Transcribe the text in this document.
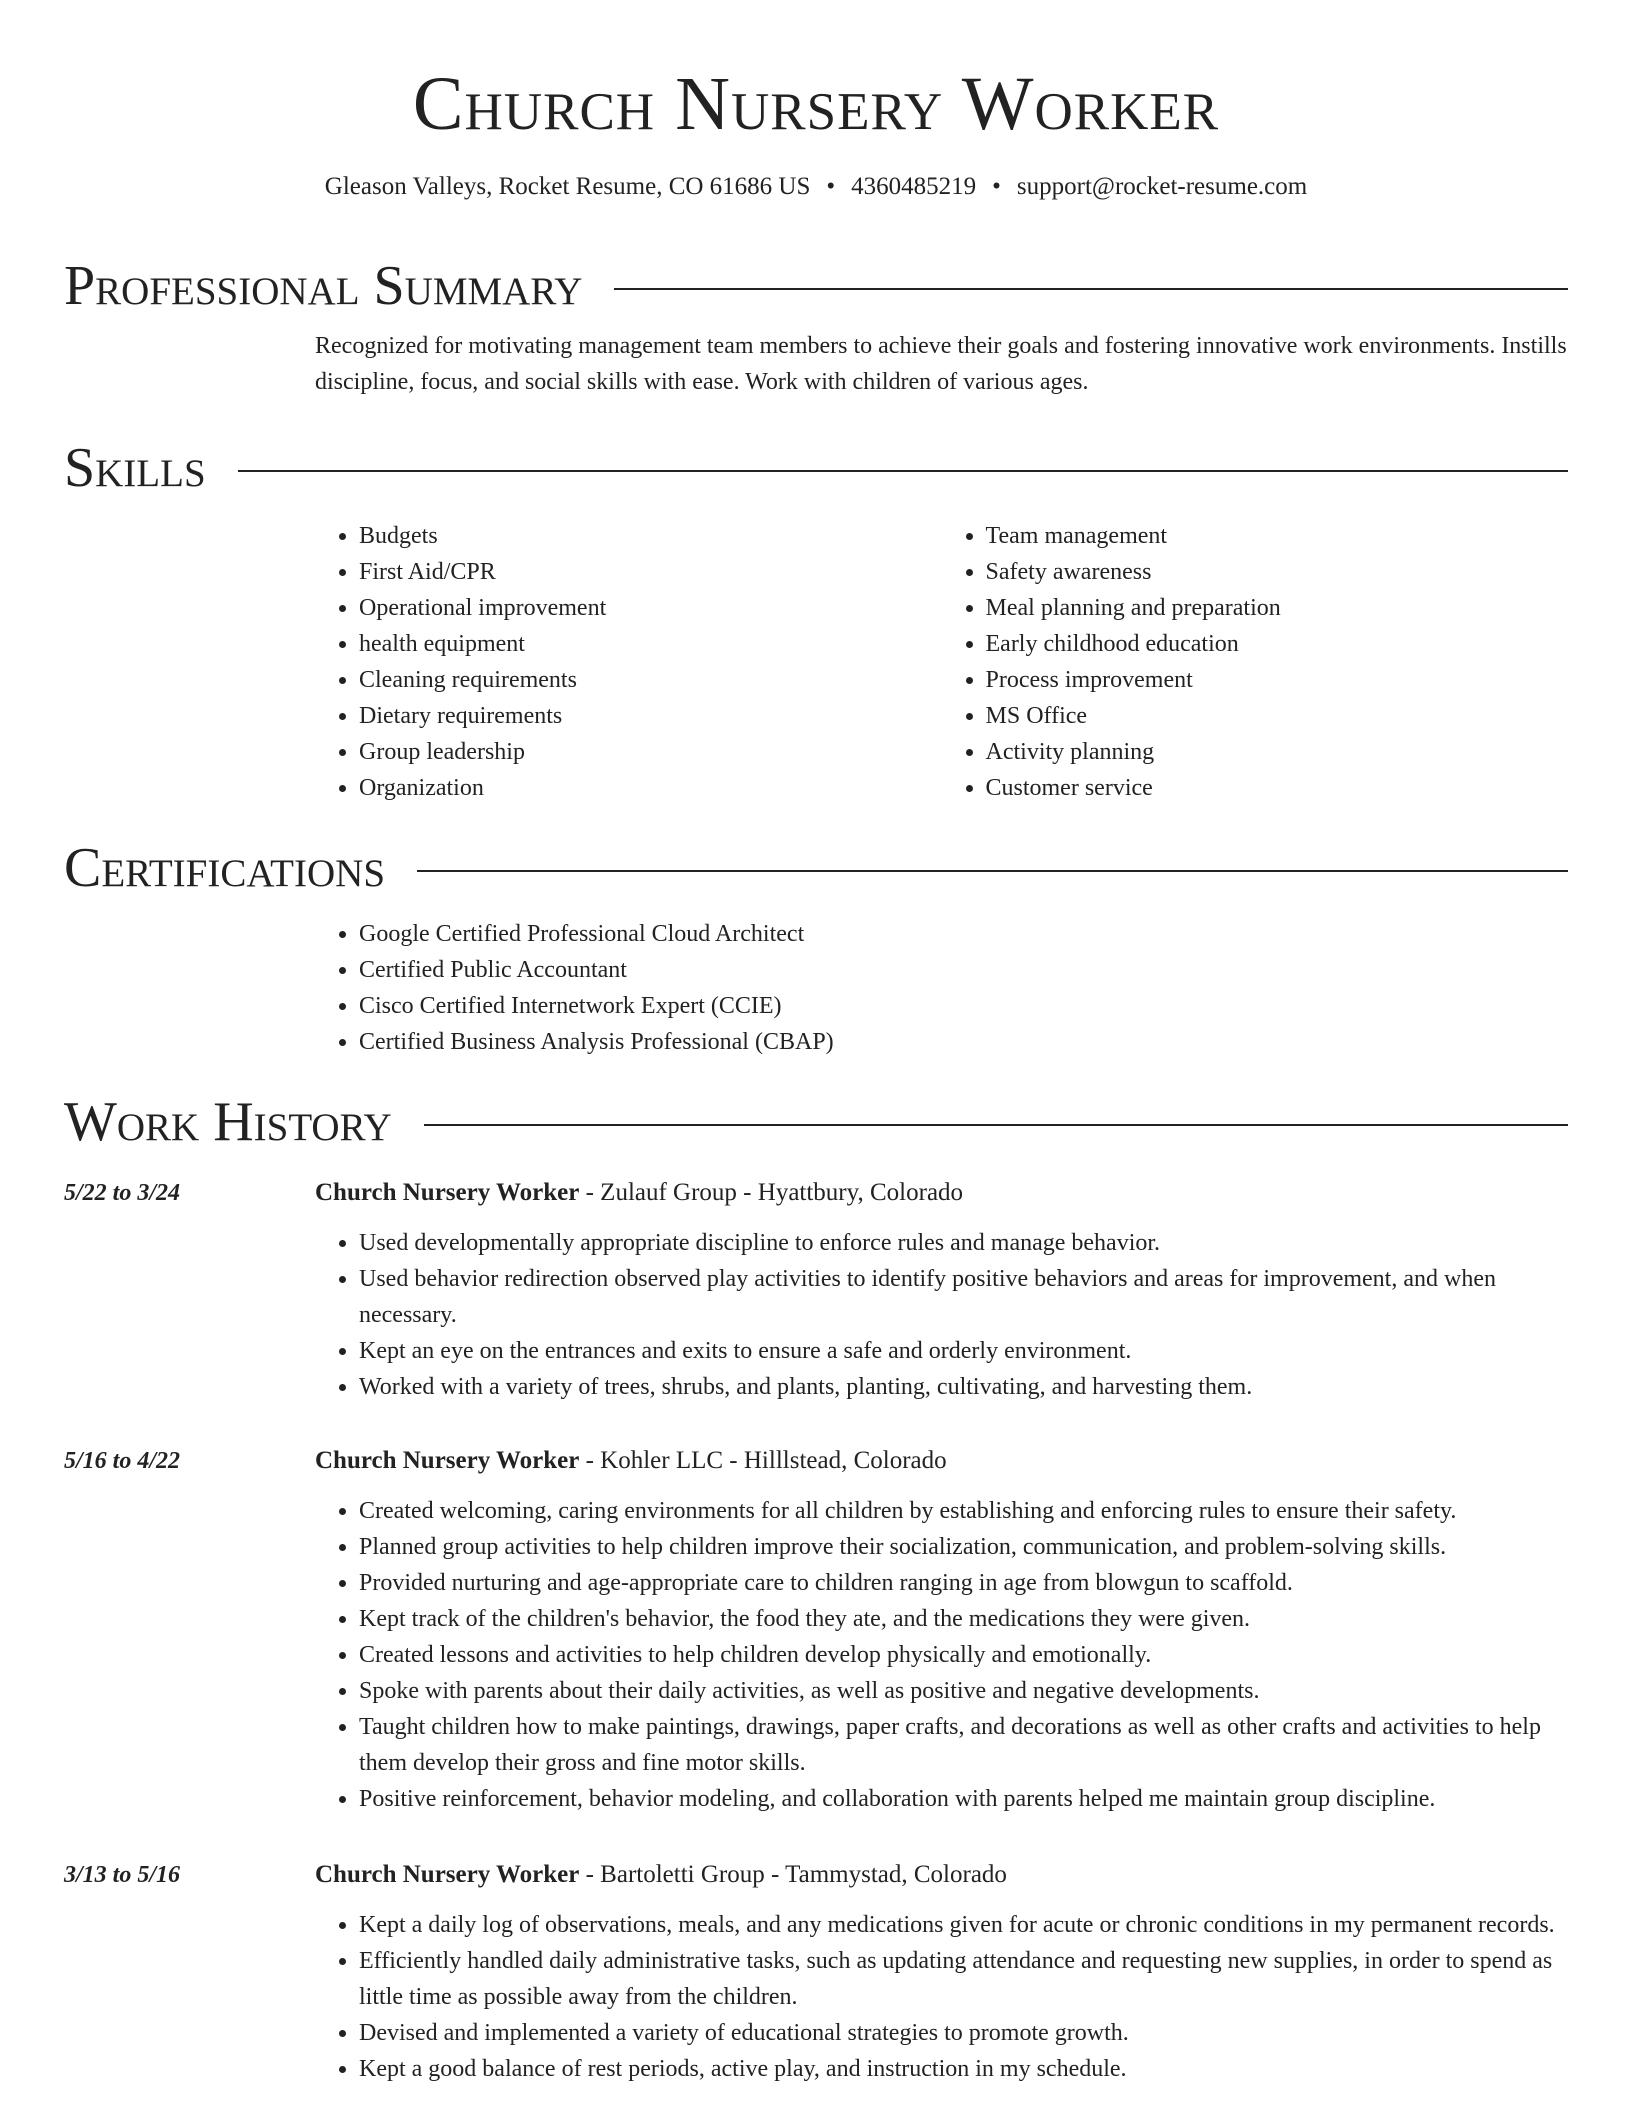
Church Nursery Worker
Gleason Valleys, Rocket Resume, CO 61686 US • 4360485219 • support@rocket-resume.com
Professional Summary

Recognized for motivating management team members to achieve their goals and fostering innovative work environments. Instills discipline, focus, and social skills with ease. Work with children of various ages.

Skills
• Budgets
• First Aid/CPR
• Operational improvement
• health equipment
• Cleaning requirements
• Dietary requirements
• Group leadership
• Organization
• Team management
• Safety awareness
• Meal planning and preparation
• Early childhood education
• Process improvement
• MS Office
• Activity planning
• Customer service
Certifications
• Google Certified Professional Cloud Architect
• Certified Public Accountant
• Cisco Certified Internetwork Expert (CCIE)
• Certified Business Analysis Professional (CBAP)
Work History
5/22 to 3/24	Church Nursery Worker - Zulauf Group - Hyattbury, Colorado

• Used developmentally appropriate discipline to enforce rules and manage behavior.
• Used behavior redirection observed play activities to identify positive behaviors and areas for improvement, and when necessary.
• Kept an eye on the entrances and exits to ensure a safe and orderly environment.
• Worked with a variety of trees, shrubs, and plants, planting, cultivating, and harvesting them.
5/16 to 4/22	Church Nursery Worker - Kohler LLC - Hilllstead, Colorado

• Created welcoming, caring environments for all children by establishing and enforcing rules to ensure their safety.
• Planned group activities to help children improve their socialization, communication, and problem-solving skills.
• Provided nurturing and age-appropriate care to children ranging in age from blowgun to scaffold.
• Kept track of the children's behavior, the food they ate, and the medications they were given.
• Created lessons and activities to help children develop physically and emotionally.
• Spoke with parents about their daily activities, as well as positive and negative developments.
• Taught children how to make paintings, drawings, paper crafts, and decorations as well as other crafts and activities to help them develop their gross and fine motor skills.
• Positive reinforcement, behavior modeling, and collaboration with parents helped me maintain group discipline.
3/13 to 5/16	Church Nursery Worker - Bartoletti Group - Tammystad, Colorado

• Kept a daily log of observations, meals, and any medications given for acute or chronic conditions in my permanent records.
• Efficiently handled daily administrative tasks, such as updating attendance and requesting new supplies, in order to spend as little time as possible away from the children.
• Devised and implemented a variety of educational strategies to promote growth.
• Kept a good balance of rest periods, active play, and instruction in my schedule.
